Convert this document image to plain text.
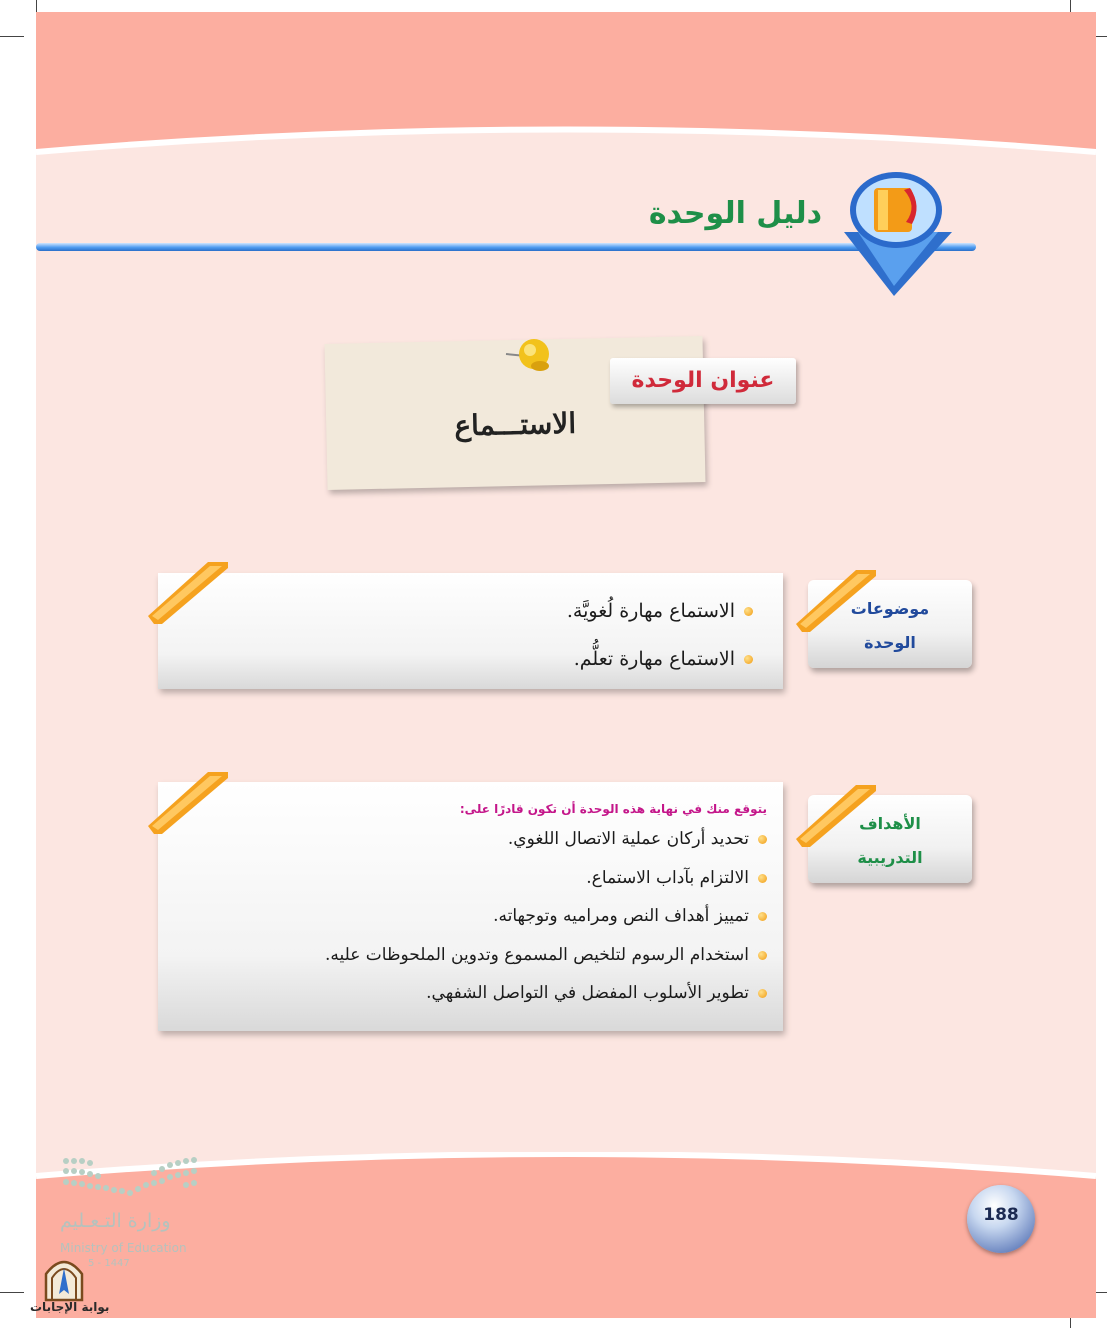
دليل الوحدة
الاستـــماع
عنوان الوحدة
موضوعات
الوحدة
الاستماع مهارة لُغويَّة.
الاستماع مهارة تعلُّم.
الأهداف
التدريبية
يتوقع منك في نهاية هذه الوحدة أن تكون قادرًا على:
تحديد أركان عملية الاتصال اللغوي.
الالتزام بآداب الاستماع.
تمييز أهداف النص ومراميه وتوجهاته.
استخدام الرسوم لتلخيص المسموع وتدوين الملحوظات عليه.
تطوير الأسلوب المفضل في التواصل الشفهي.
188
وزارة التـعـليم
Ministry of Education
5 - 1447
بوابة الإجابات
